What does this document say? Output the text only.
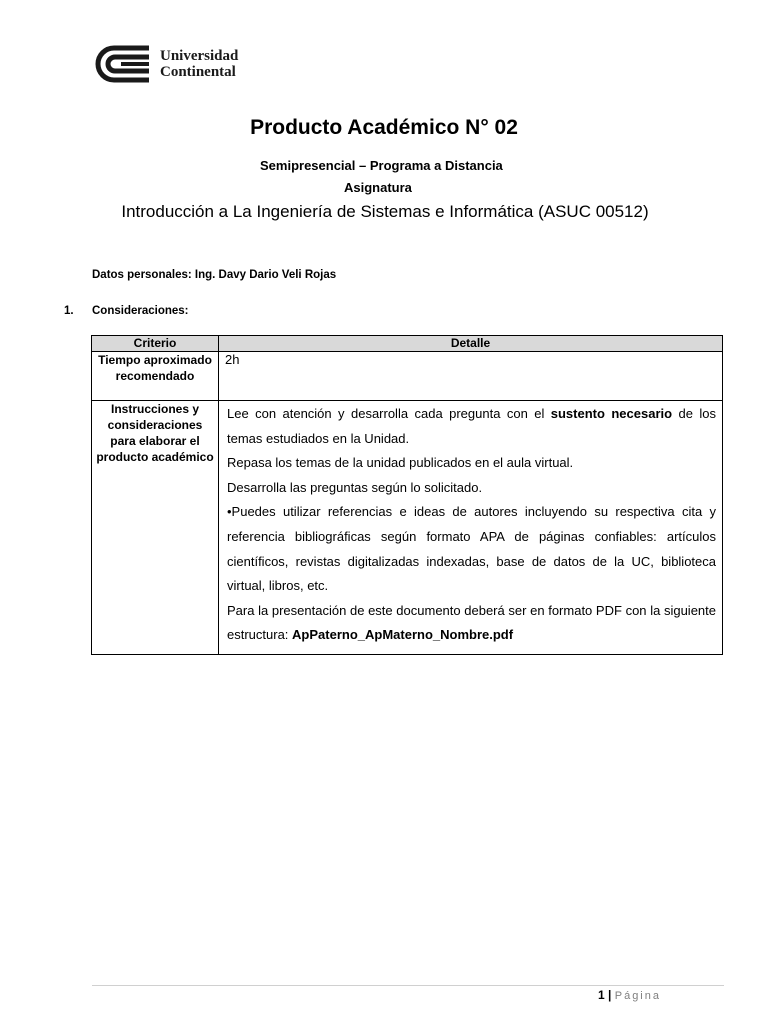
Universidad
Continental
Producto Académico N° 02
Semipresencial – Programa a Distancia
Asignatura
Introducción a La Ingeniería de Sistemas e Informática (ASUC 00512)
Datos personales: Ing. Davy Dario Veli Rojas
1. Consideraciones:
Criterio	Detalle
Tiempo aproximado recomendado	2h
Instrucciones y consideraciones para elaborar el producto académico	Lee con atención y desarrolla cada pregunta con el sustento necesario de los temas estudiados en la Unidad.

Repasa los temas de la unidad publicados en el aula virtual.

Desarrolla las preguntas según lo solicitado.

•Puedes utilizar referencias e ideas de autores incluyendo su respectiva cita y referencia bibliográficas según formato APA de páginas confiables: artículos científicos, revistas digitalizadas indexadas, base de datos de la UC, biblioteca virtual, libros, etc.

Para la presentación de este documento deberá ser en formato PDF con la siguiente estructura: ApPaterno_ApMaterno_Nombre.pdf

1 | Página
